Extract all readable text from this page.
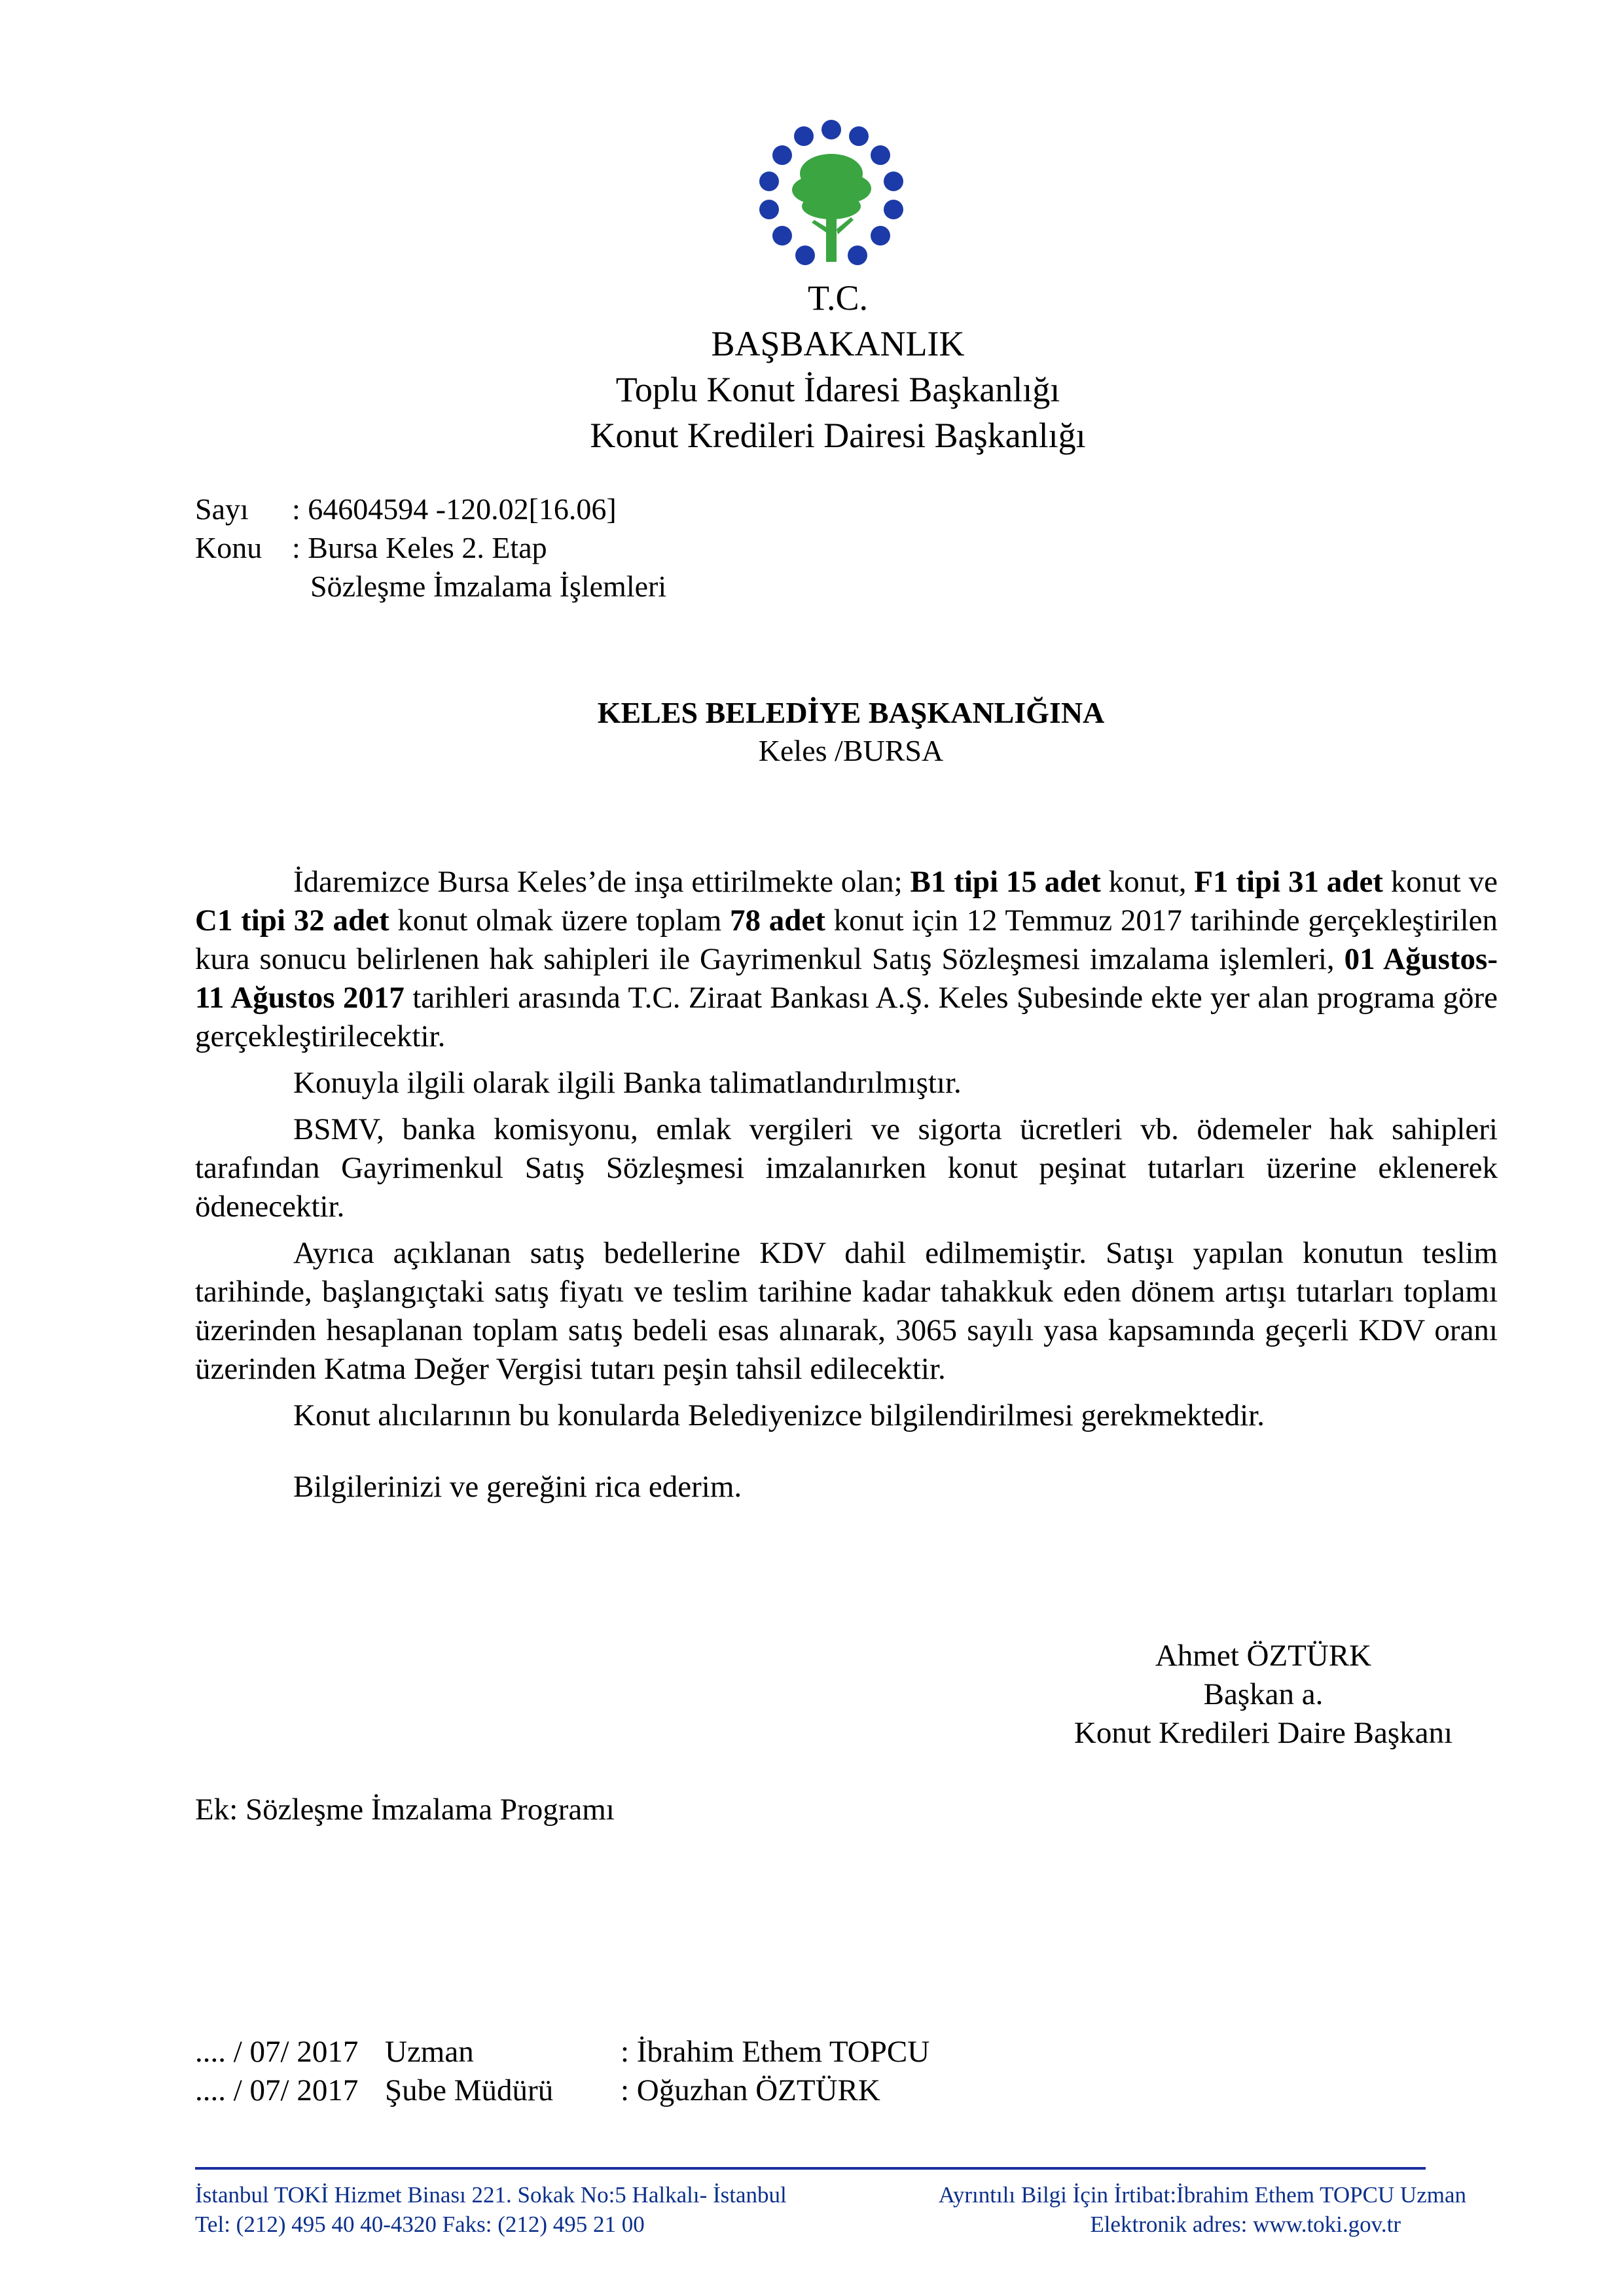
T.C.
BAŞBAKANLIK
Toplu Konut İdaresi Başkanlığı
Konut Kredileri Dairesi Başkanlığı
Sayı	: 64604594 -120.02[16.06]
Konu : Bursa Keles 2. Etap
Sözleşme İmzalama İşlemleri
KELES BELEDİYE BAŞKANLIĞINA
Keles /BURSA

İdaremizce Bursa Keles’de inşa ettirilmekte olan; B1 tipi 15 adet konut, F1 tipi 31 adet konut ve C1 tipi 32 adet konut olmak üzere toplam 78 adet konut için 12 Temmuz 2017 tarihinde gerçekleştirilen kura sonucu belirlenen hak sahipleri ile Gayrimenkul Satış Sözleşmesi imzalama işlemleri, 01 Ağustos-11 Ağustos 2017 tarihleri arasında T.C. Ziraat Bankası A.Ş. Keles Şubesinde ekte yer alan programa göre gerçekleştirilecektir.

Konuyla ilgili olarak ilgili Banka talimatlandırılmıştır.

BSMV, banka komisyonu, emlak vergileri ve sigorta ücretleri vb. ödemeler hak sahipleri tarafından Gayrimenkul Satış Sözleşmesi imzalanırken konut peşinat tutarları üzerine eklenerek ödenecektir.

Ayrıca açıklanan satış bedellerine KDV dahil edilmemiştir. Satışı yapılan konutun teslim tarihinde, başlangıçtaki satış fiyatı ve teslim tarihine kadar tahakkuk eden dönem artışı tutarları toplamı üzerinden hesaplanan toplam satış bedeli esas alınarak, 3065 sayılı yasa kapsamında geçerli KDV oranı üzerinden Katma Değer Vergisi tutarı peşin tahsil edilecektir.

Konut alıcılarının bu konularda Belediyenizce bilgilendirilmesi gerekmektedir.

Bilgilerinizi ve gereğini rica ederim.

Ahmet ÖZTÜRK
Başkan a.
Konut Kredileri Daire Başkanı
Ek: Sözleşme İmzalama Programı
.... / 07/ 2017 Uzman	: İbrahim Ethem TOPCU
.... / 07/ 2017 Şube Müdürü	: Oğuzhan ÖZTÜRK
İstanbul TOKİ Hizmet Binası 221. Sokak No:5 Halkalı- İstanbul
Tel: (212) 495 40 40-4320 Faks: (212) 495 21 00
Ayrıntılı Bilgi İçin İrtibat:İbrahim Ethem TOPCU Uzman
Elektronik adres: www.toki.gov.tr
